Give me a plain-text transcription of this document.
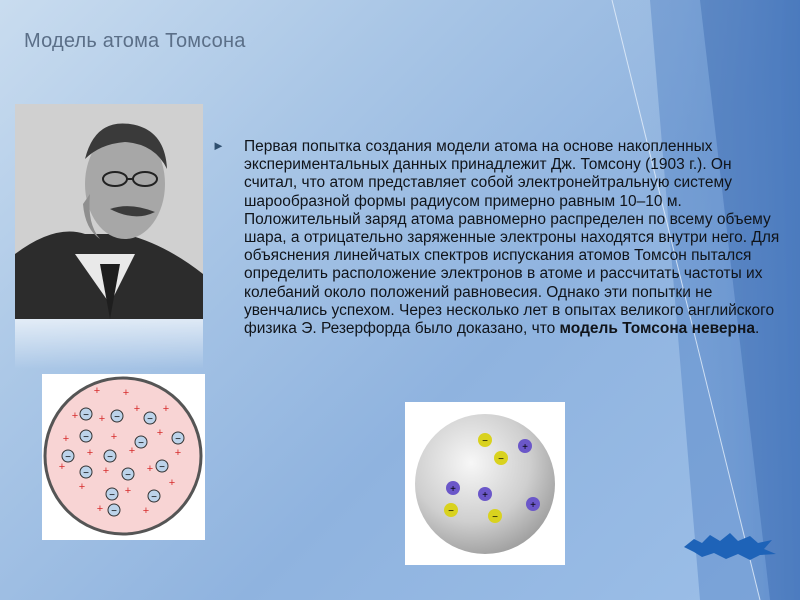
Модель атома Томсона
► Первая попытка создания модели атома на основе накопленных экспериментальных данных принадлежит Дж. Томсону (1903 г.). Он считал, что атом представляет собой электронейтральную систему шарообразной формы радиусом примерно равным 10–10 м. Положительный заряд атома равномерно распределен по всему объему шара, а отрицательно заряженные электроны находятся внутри него. Для объяснения линейчатых спектров испускания атомов Томсон пытался определить расположение электронов в атоме и рассчитать частоты их колебаний около положений равновесия. Однако эти попытки не увенчались успехом. Через несколько лет в опытах великого английского физика Э. Резерфорда было доказано, что модель Томсона неверна.
+ +
+ +
+ +
+	+	+
+	+	+
+	+	+
+	+
+
+	+
−	−	−
−
−	−
−	−
−
−	−
−	−
−
−
−
−
−
+
+
+
+
